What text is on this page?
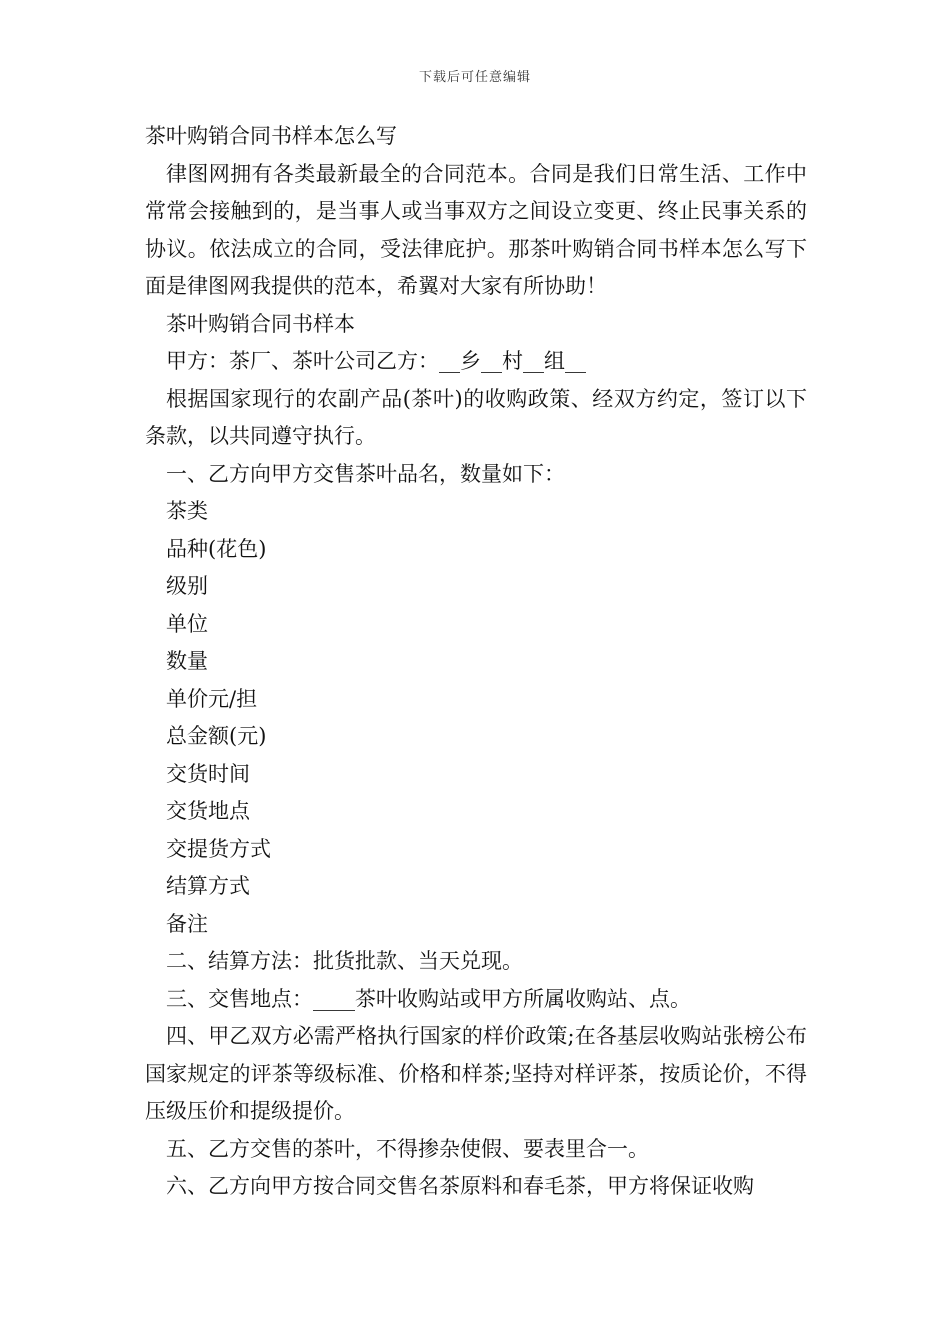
下载后可任意编辑

茶叶购销合同书样本怎么写

律图网拥有各类最新最全的合同范本。合同是我们日常生活、工作中常常会接触到的，是当事人或当事双方之间设立变更、终止民事关系的协议。依法成立的合同，受法律庇护。那茶叶购销合同书样本怎么写下面是律图网我提供的范本，希翼对大家有所协助！

茶叶购销合同书样本

甲方：茶厂、茶叶公司乙方：__乡__村__组__

根据国家现行的农副产品(茶叶)的收购政策、经双方约定，签订以下条款，以共同遵守执行。

一、乙方向甲方交售茶叶品名，数量如下：

茶类

品种(花色)

级别

单位

数量

单价元/担

总金额(元)

交货时间

交货地点

交提货方式

结算方式

备注

二、结算方法：批货批款、当天兑现。

三、交售地点：____茶叶收购站或甲方所属收购站、点。

四、甲乙双方必需严格执行国家的样价政策;在各基层收购站张榜公布国家规定的评茶等级标准、价格和样茶;坚持对样评茶，按质论价，不得压级压价和提级提价。

五、乙方交售的茶叶，不得掺杂使假、要表里合一。

六、乙方向甲方按合同交售名茶原料和春毛茶，甲方将保证收购
